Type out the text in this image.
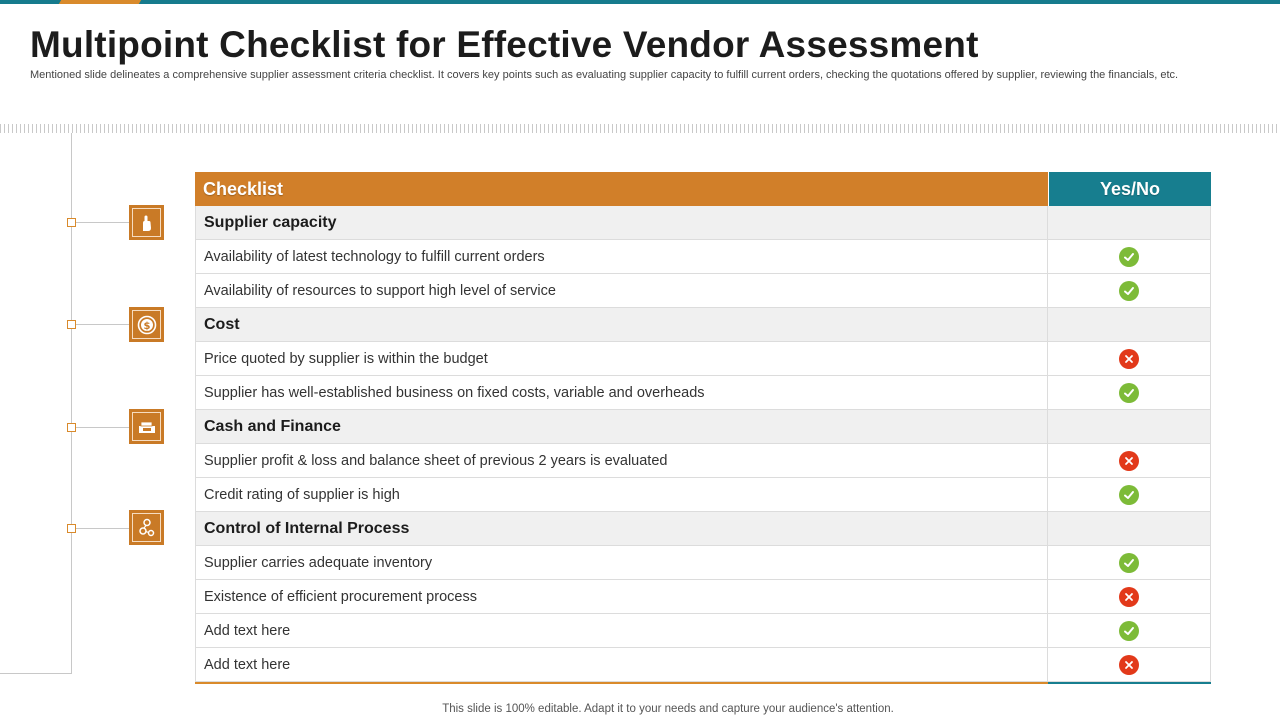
Multipoint Checklist for Effective Vendor Assessment

Mentioned slide delineates a comprehensive supplier assessment criteria checklist. It covers key points such as evaluating supplier capacity to fulfill current orders, checking the quotations offered by supplier, reviewing the financials, etc.

$
Checklist	Yes/No
Supplier capacity
Availability of latest technology to fulfill current orders
Availability of resources to support high level of service
Cost
Price quoted by supplier is within the budget
Supplier has well-established business on fixed costs, variable and overheads
Cash and Finance
Supplier profit & loss and balance sheet of previous 2 years is evaluated
Credit rating of supplier is high
Control of Internal Process
Supplier carries adequate inventory
Existence of efficient procurement process
Add text here
Add text here
This slide is 100% editable. Adapt it to your needs and capture your audience's attention.
